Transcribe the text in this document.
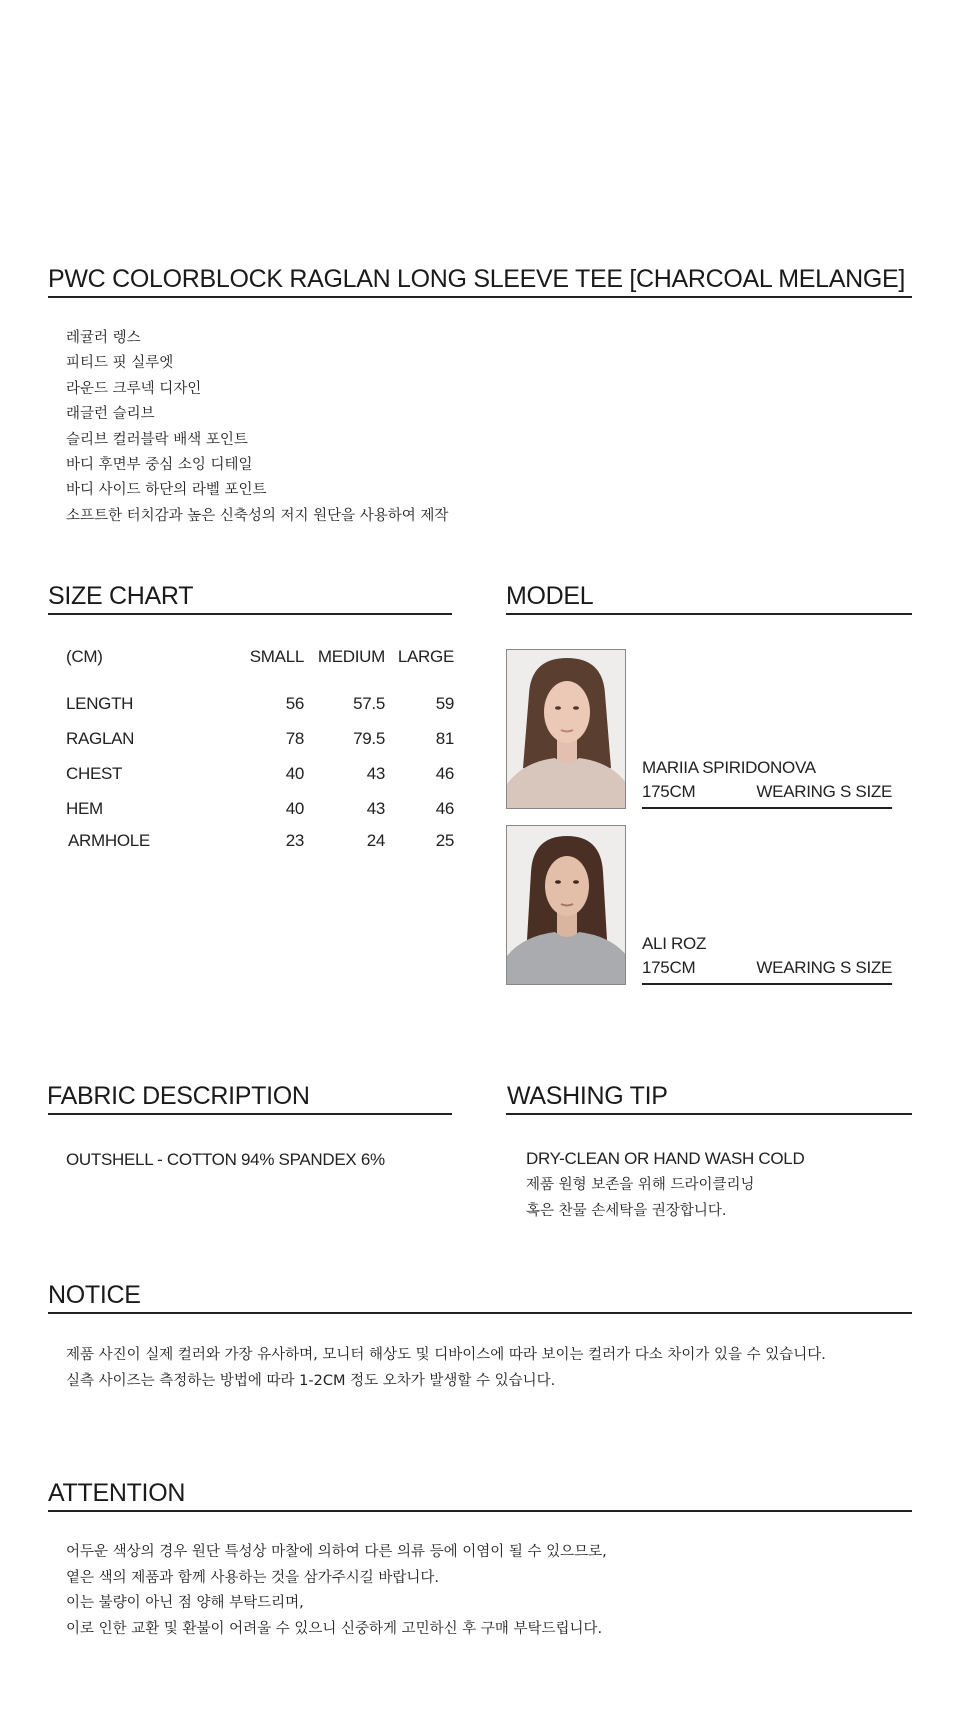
PWC COLORBLOCK RAGLAN LONG SLEEVE TEE [CHARCOAL MELANGE]
레귤러 렝스
피티드 핏 실루엣
라운드 크루넥 디자인
래글런 슬리브
슬리브 컬러블락 배색 포인트
바디 후면부 중심 소잉 디테일
바디 사이드 하단의 라벨 포인트
소프트한 터치감과 높은 신축성의 저지 원단을 사용하여 제작
SIZE CHART
(CM)	SMALL MEDIUM LARGE
LENGTH	56	57.5	59
RAGLAN	78	79.5	81
CHEST	40	43	46
HEM	40	43	46
ARMHOLE	23	24	25
MODEL
MARIIA SPIRIDONOVA
175CM	WEARING S SIZE
ALI ROZ
175CM	WEARING S SIZE
FABRIC DESCRIPTION
OUTSHELL - COTTON 94% SPANDEX 6%
WASHING TIP
DRY-CLEAN OR HAND WASH COLD
제품 원형 보존을 위해 드라이클리닝
혹은 찬물 손세탁을 권장합니다.
NOTICE
제품 사진이 실제 컬러와 가장 유사하며, 모니터 해상도 및 디바이스에 따라 보이는 컬러가 다소 차이가 있을 수 있습니다.
실측 사이즈는 측정하는 방법에 따라 1-2CM 정도 오차가 발생할 수 있습니다.
ATTENTION
어두운 색상의 경우 원단 특성상 마찰에 의하여 다른 의류 등에 이염이 될 수 있으므로,
옅은 색의 제품과 함께 사용하는 것을 삼가주시길 바랍니다.
이는 불량이 아닌 점 양해 부탁드리며,
이로 인한 교환 및 환불이 어려울 수 있으니 신중하게 고민하신 후 구매 부탁드립니다.
